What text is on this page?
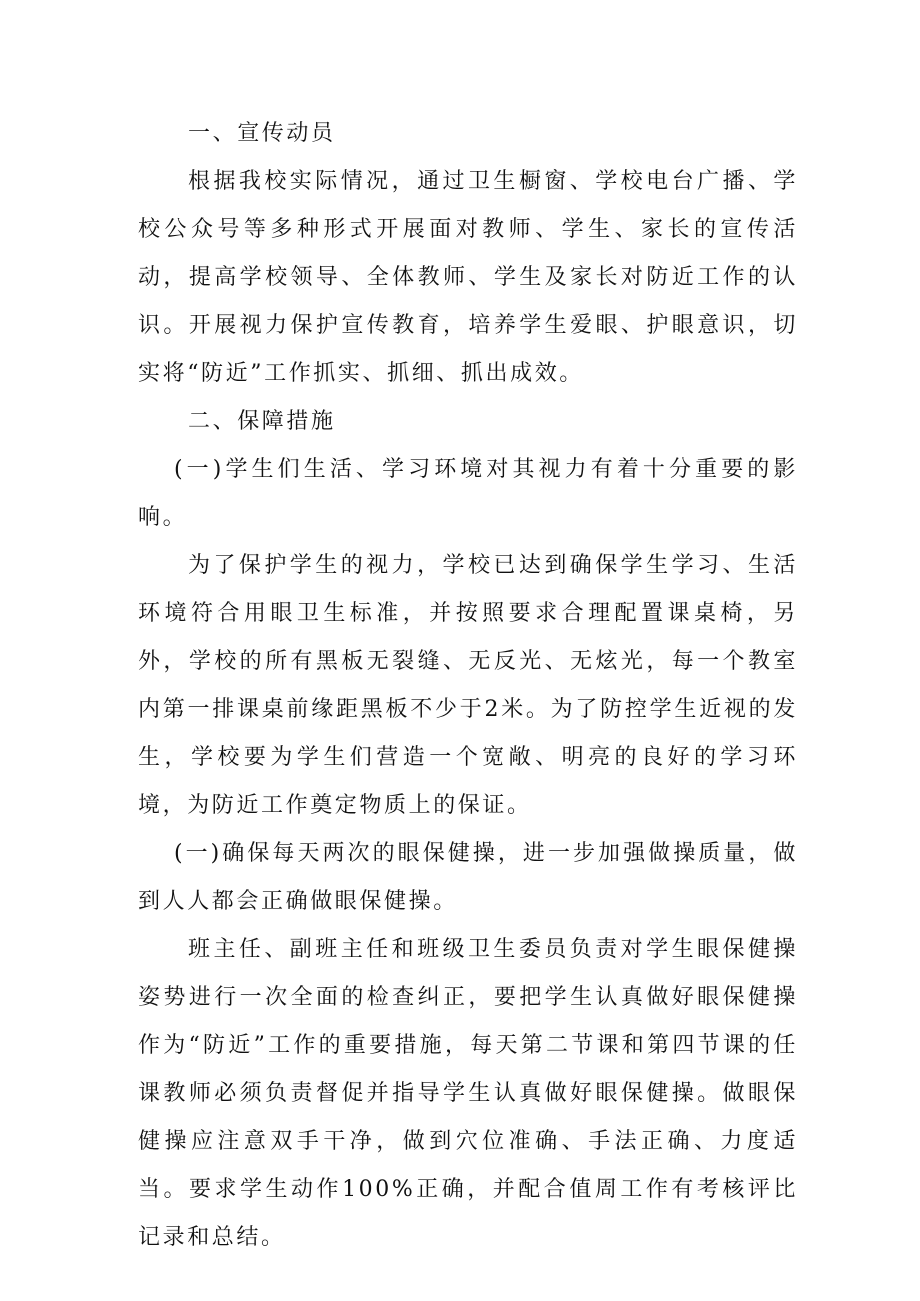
一、宣传动员

根据我校实际情况，通过卫生橱窗、学校电台广播、学校公众号等多种形式开展面对教师、学生、家长的宣传活动，提高学校领导、全体教师、学生及家长对防近工作的认识。开展视力保护宣传教育，培养学生爱眼、护眼意识，切实将“防近”工作抓实、抓细、抓出成效。

二、保障措施

(一)学生们生活、学习环境对其视力有着十分重要的影响。

为了保护学生的视力，学校已达到确保学生学习、生活环境符合用眼卫生标准，并按照要求合理配置课桌椅，另外，学校的所有黑板无裂缝、无反光、无炫光，每一个教室内第一排课桌前缘距黑板不少于2米。为了防控学生近视的发生，学校要为学生们营造一个宽敞、明亮的良好的学习环境，为防近工作奠定物质上的保证。

(一)确保每天两次的眼保健操，进一步加强做操质量，做到人人都会正确做眼保健操。

班主任、副班主任和班级卫生委员负责对学生眼保健操姿势进行一次全面的检查纠正，要把学生认真做好眼保健操作为“防近”工作的重要措施，每天第二节课和第四节课的任课教师必须负责督促并指导学生认真做好眼保健操。做眼保健操应注意双手干净，做到穴位准确、手法正确、力度适当。要求学生动作100%正确，并配合值周工作有考核评比记录和总结。
